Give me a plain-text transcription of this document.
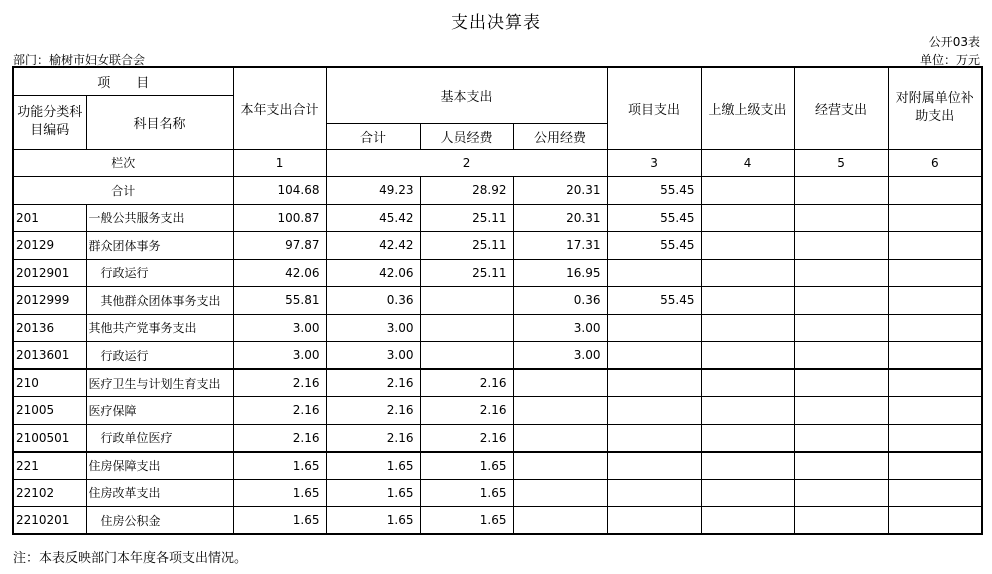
支出决算表
公开03表
部门：榆树市妇女联合会	单位：万元
项　　目		本年支出合计	基本支出			项目支出	上缴上级支出	经营支出	对附属单位补助支出
功能分类科目编码	科目名称								
			合计	人员经费	公用经费				
栏次		1	2			3	4	5	6
合计		104.68	49.23	28.92	20.31	55.45			
201	一般公共服务支出	100.87	45.42	25.11	20.31	55.45			
20129	群众团体事务	97.87	42.42	25.11	17.31	55.45			
2012901	行政运行	42.06	42.06	25.11	16.95				
2012999	其他群众团体事务支出	55.81	0.36		0.36	55.45			
20136	其他共产党事务支出	3.00	3.00		3.00				
2013601	行政运行	3.00	3.00		3.00				
210	医疗卫生与计划生育支出	2.16	2.16	2.16					
21005	医疗保障	2.16	2.16	2.16					
2100501	行政单位医疗	2.16	2.16	2.16					
221	住房保障支出	1.65	1.65	1.65					
22102	住房改革支出	1.65	1.65	1.65					
2210201	住房公积金	1.65	1.65	1.65					
注：本表反映部门本年度各项支出情况。
